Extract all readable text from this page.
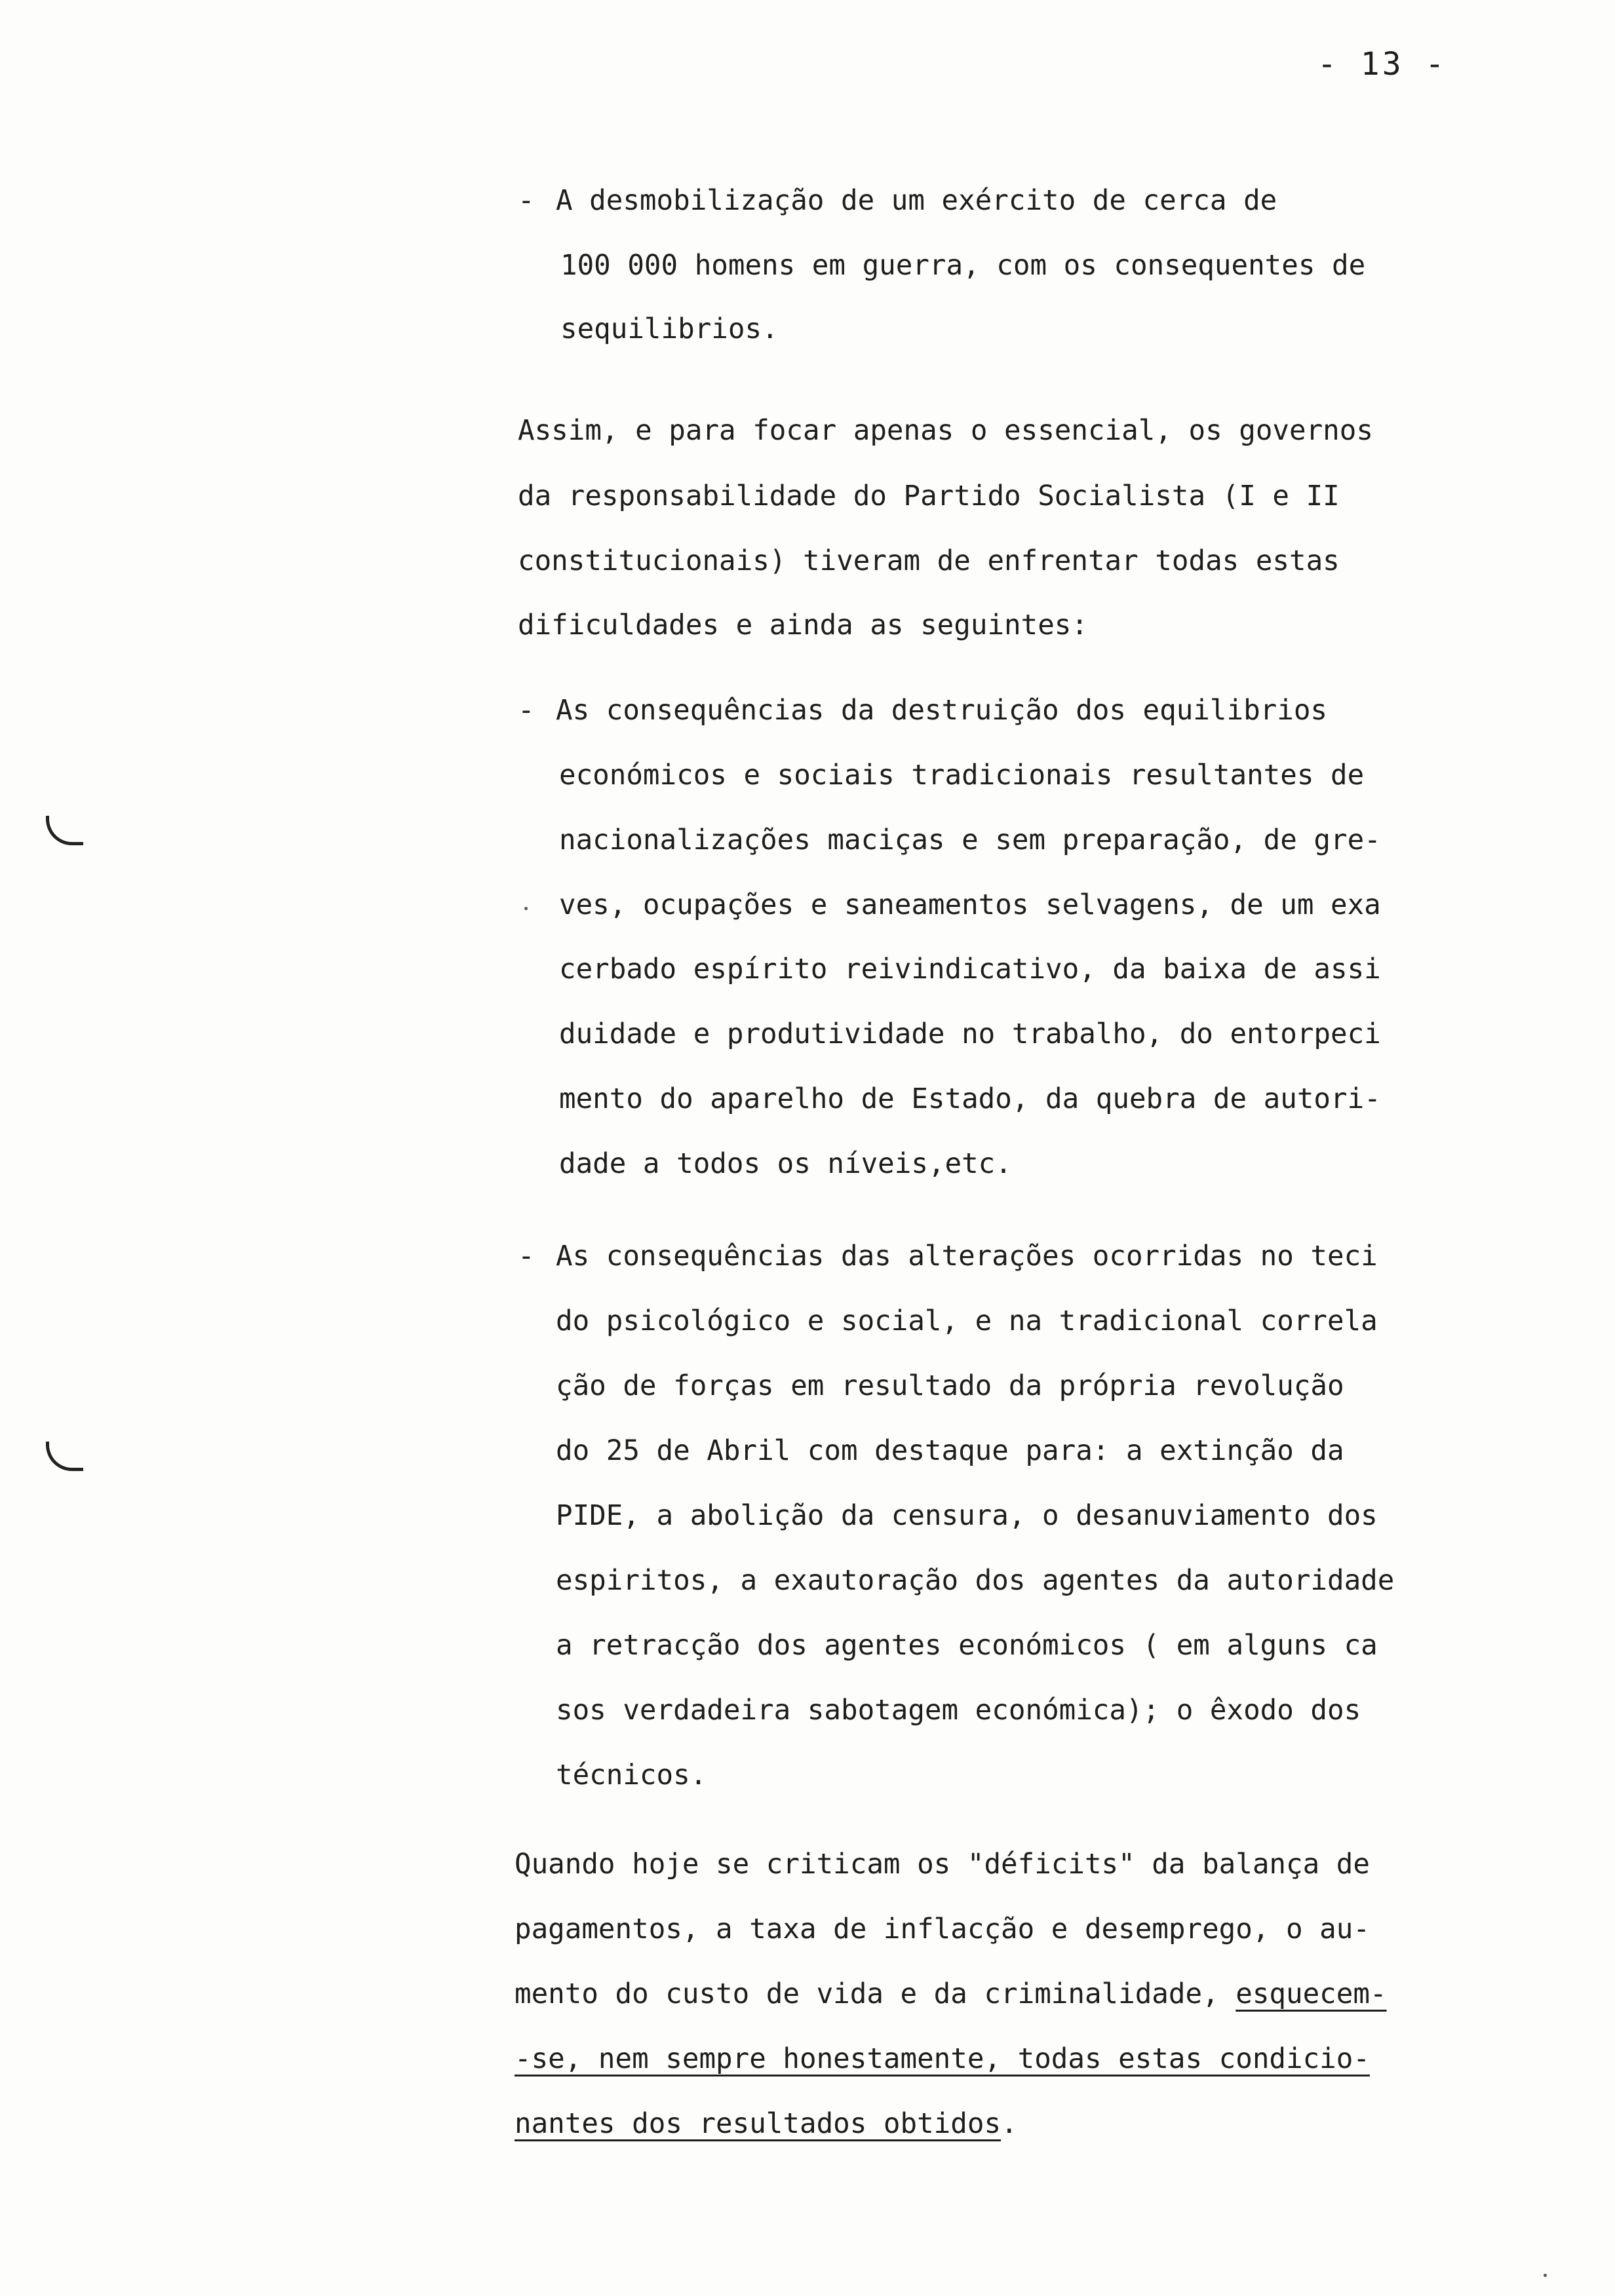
- 13 -
- A desmobilização de um exército de cerca de
100 000 homens em guerra, com os consequentes de
sequilibrios.
Assim, e para focar apenas o essencial, os governos
da responsabilidade do Partido Socialista (I e II
constitucionais) tiveram de enfrentar todas estas
dificuldades e ainda as seguintes:
- As consequências da destruição dos equilibrios
económicos e sociais tradicionais resultantes de
nacionalizações maciças e sem preparação, de gre-
ves, ocupações e saneamentos selvagens, de um exa
cerbado espírito reivindicativo, da baixa de assi
duidade e produtividade no trabalho, do entorpeci
mento do aparelho de Estado, da quebra de autori-
dade a todos os níveis,etc.
- As consequências das alterações ocorridas no teci
do psicológico e social, e na tradicional correla
ção de forças em resultado da própria revolução
do 25 de Abril com destaque para: a extinção da
PIDE, a abolição da censura, o desanuviamento dos
espiritos, a exautoração dos agentes da autoridade
a retracção dos agentes económicos ( em alguns ca
sos verdadeira sabotagem económica); o êxodo dos
técnicos.
Quando hoje se criticam os "déficits" da balança de
pagamentos, a taxa de inflacção e desemprego, o au-
mento do custo de vida e da criminalidade, esquecem-
-se, nem sempre honestamente, todas estas condicio-
nantes dos resultados obtidos.
